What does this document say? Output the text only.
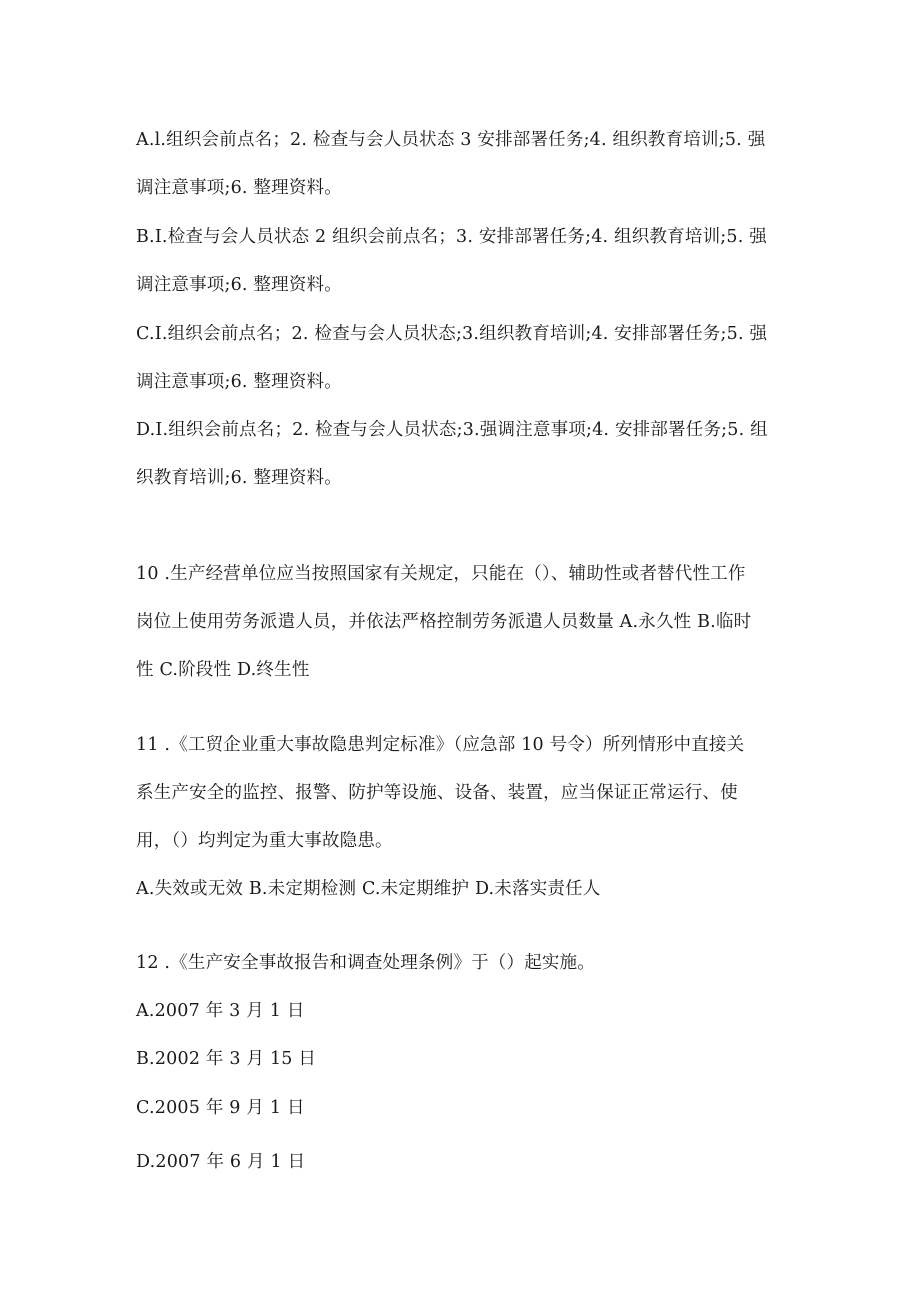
A.l.组织会前点名；2. 检查与会人员状态 3 安排部署任务;4. 组织教育培训;5. 强
调注意事项;6. 整理资料。
B.I.检查与会人员状态 2 组织会前点名；3. 安排部署任务;4. 组织教育培训;5. 强
调注意事项;6. 整理资料。
C.I.组织会前点名；2. 检查与会人员状态;3.组织教育培训;4. 安排部署任务;5. 强
调注意事项;6. 整理资料。
D.I.组织会前点名；2. 检查与会人员状态;3.强调注意事项;4. 安排部署任务;5. 组
织教育培训;6. 整理资料。
10 .生产经营单位应当按照国家有关规定，只能在（）、辅助性或者替代性工作
岗位上使用劳务派遣人员，并依法严格控制劳务派遣人员数量 A.永久性 B.临时
性 C.阶段性 D.终生性
11 .《工贸企业重大事故隐患判定标准》（应急部 10 号令）所列情形中直接关
系生产安全的监控、报警、防护等设施、设备、装置，应当保证正常运行、使
用，（）均判定为重大事故隐患。
A.失效或无效 B.未定期检测 C.未定期维护 D.未落实责任人
12 .《生产安全事故报告和调查处理条例》于（）起实施。
A.2007 年 3 月 1 日
B.2002 年 3 月 15 日
C.2005 年 9 月 1 日
D.2007 年 6 月 1 日
